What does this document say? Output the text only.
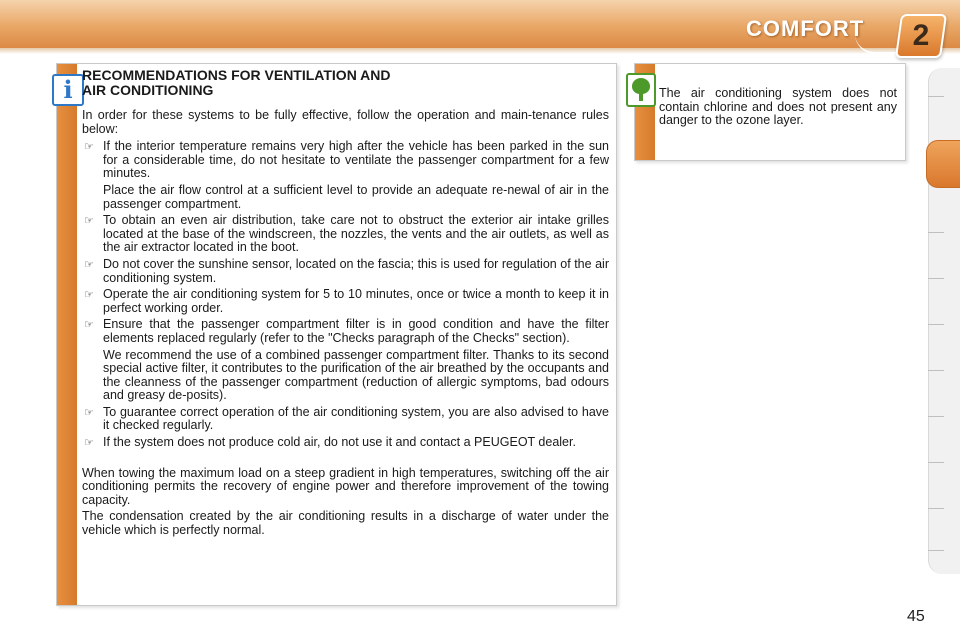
COMFORT	2
i RECOMMENDATIONS FOR VENTILATION AND
AIR CONDITIONING

In order for these systems to be fully effective, follow the operation and main-tenance rules below:

☞ If the interior temperature remains very high after the vehicle has been parked in the sun for a considerable time, do not hesitate to ventilate the passenger compartment for a few minutes.
Place the air flow control at a sufficient level to provide an adequate re-newal of air in the passenger compartment.
☞ To obtain an even air distribution, take care not to obstruct the exterior air intake grilles located at the base of the windscreen, the nozzles, the vents and the air outlets, as well as the air extractor located in the boot.
☞ Do not cover the sunshine sensor, located on the fascia; this is used for regulation of the air conditioning system.
☞ Operate the air conditioning system for 5 to 10 minutes, once or twice a month to keep it in perfect working order.
☞ Ensure that the passenger compartment filter is in good condition and have the filter elements replaced regularly (refer to the "Checks paragraph of the Checks" section).
We recommend the use of a combined passenger compartment filter. Thanks to its second special active filter, it contributes to the purification of the air breathed by the occupants and the cleanness of the passenger compartment (reduction of allergic symptoms, bad odours and greasy de-posits).
☞ To guarantee correct operation of the air conditioning system, you are also advised to have it checked regularly.
☞ If the system does not produce cold air, do not use it and contact a PEUGEOT dealer.

When towing the maximum load on a steep gradient in high temperatures, switching off the air conditioning permits the recovery of engine power and therefore improvement of the towing capacity.

The condensation created by the air conditioning results in a discharge of water under the vehicle which is perfectly normal.

The air conditioning system does not contain chlorine and does not present any danger to the ozone layer.
45
